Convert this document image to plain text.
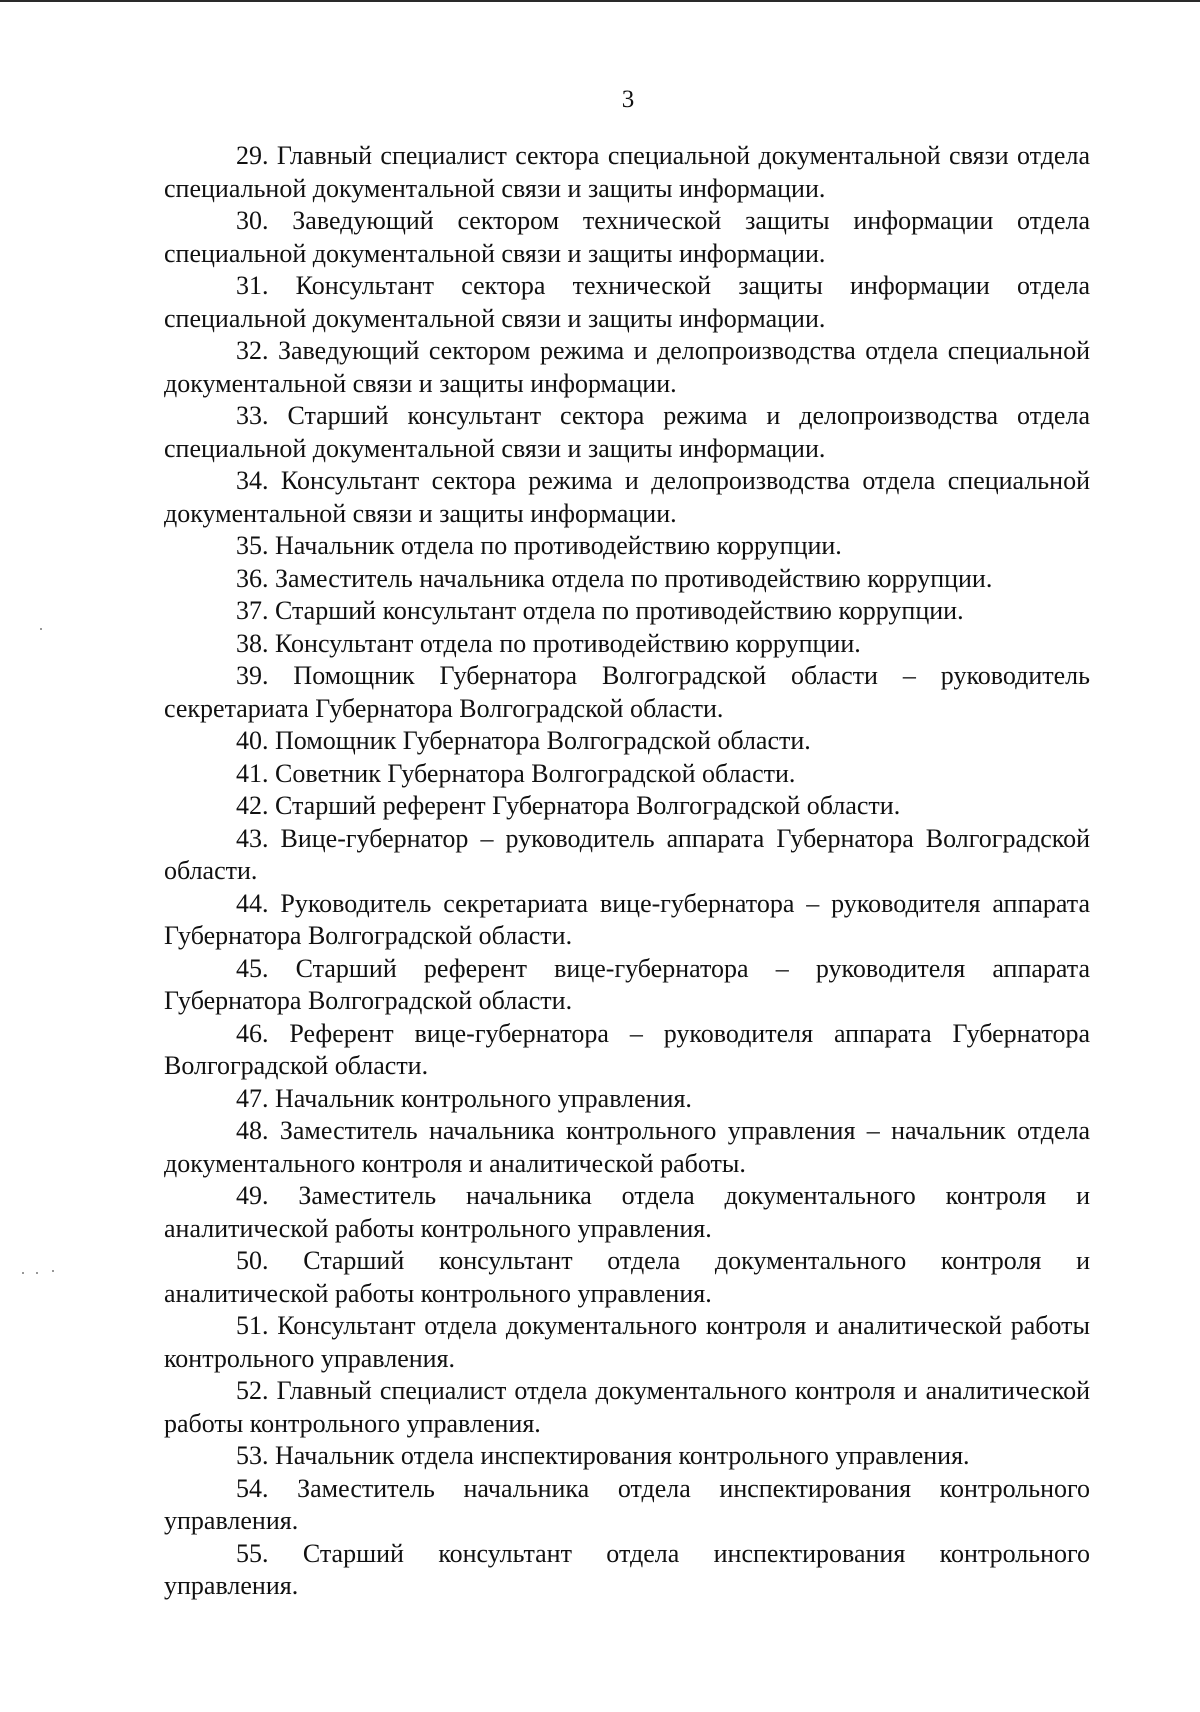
3

29. Главный специалист сектора специальной документальной связи отдела специальной документальной связи и защиты информации.

30. Заведующий сектором технической защиты информации отдела специальной документальной связи и защиты информации.

31. Консультант сектора технической защиты информации отдела специальной документальной связи и защиты информации.

32. Заведующий сектором режима и делопроизводства отдела специальной документальной связи и защиты информации.

33. Старший консультант сектора режима и делопроизводства отдела специальной документальной связи и защиты информации.

34. Консультант сектора режима и делопроизводства отдела специальной документальной связи и защиты информации.

35. Начальник отдела по противодействию коррупции.

36. Заместитель начальника отдела по противодействию коррупции.

37. Старший консультант отдела по противодействию коррупции.

38. Консультант отдела по противодействию коррупции.

39. Помощник Губернатора Волгоградской области – руководитель секретариата Губернатора Волгоградской области.

40. Помощник Губернатора Волгоградской области.

41. Советник Губернатора Волгоградской области.

42. Старший референт Губернатора Волгоградской области.

43. Вице-губернатор – руководитель аппарата Губернатора Волгоградской области.

44. Руководитель секретариата вице-губернатора – руководителя аппарата Губернатора Волгоградской области.

45. Старший референт вице-губернатора – руководителя аппарата Губернатора Волгоградской области.

46. Референт вице-губернатора – руководителя аппарата Губернатора Волгоградской области.

47. Начальник контрольного управления.

48. Заместитель начальника контрольного управления – начальник отдела документального контроля и аналитической работы.

49. Заместитель начальника отдела документального контроля и аналитической работы контрольного управления.

50. Старший консультант отдела документального контроля и аналитической работы контрольного управления.

51. Консультант отдела документального контроля и аналитической работы контрольного управления.

52. Главный специалист отдела документального контроля и аналитической работы контрольного управления.

53. Начальник отдела инспектирования контрольного управления.

54. Заместитель начальника отдела инспектирования контрольного управления.

55. Старший консультант отдела инспектирования контрольного управления.
